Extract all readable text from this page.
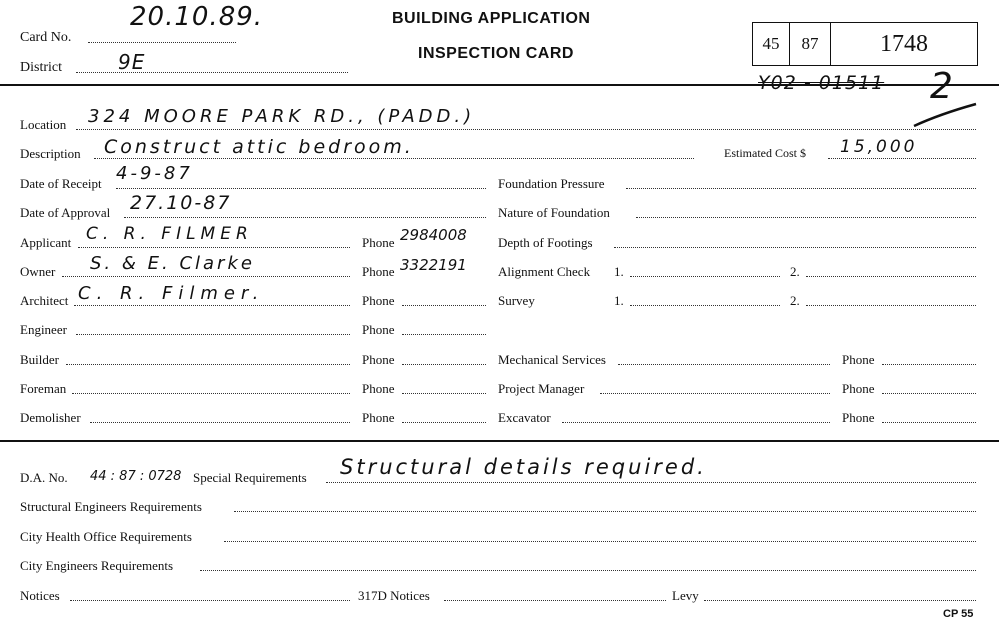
20.10.89.
Card No.
District	9E
BUILDING APPLICATION
INSPECTION CARD
45	87	1748
Y02 - 01511 2
Location 324 MOORE PARK RD., (PADD.)
Description Construct attic bedroom.	Estimated Cost $ 15,000
Date of Receipt 4-9-87
Date of Approval 27.10-87
Applicant C. R. FILMER	Phone 2984008
Owner S. & E. Clarke	Phone 3322191
Architect C. R. Filmer.	Phone
Engineer	Phone
Builder	Phone
Foreman	Phone
Demolisher	Phone
Foundation Pressure
Nature of Foundation
Depth of Footings
Alignment Check 1.	2.
Survey	1.	2.
Mechanical Services	Phone
Project Manager	Phone
Excavator	Phone
D.A. No. 44 : 87 : 0728 Special Requirements Structural details required.
Structural Engineers Requirements
City Health Office Requirements
City Engineers Requirements
Notices	317D Notices	Levy
CP 55
